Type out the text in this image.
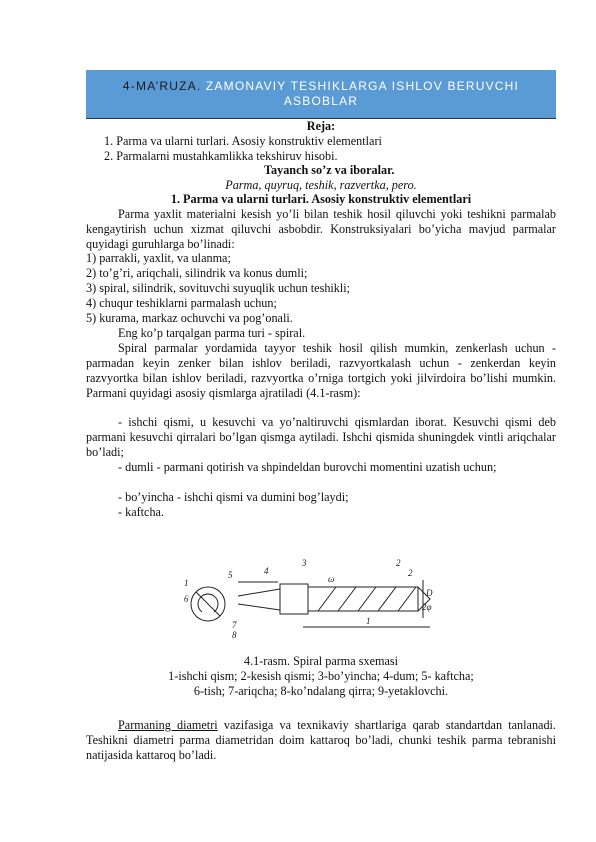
4-MA’RUZA. ZAMONAVIY TESHIKLARGA ISHLOV BERUVCHI ASBOBLAR
Reja:
1. Parma va ularni turlari. Asosiy konstruktiv elementlari
2. Parmalarni mustahkamlikka tekshiruv hisobi.
Tayanch so’z va iboralar.
Parma, quyruq, teshik, razvertka, pero.
1. Parma va ularni turlari. Asosiy konstruktiv elementlari
Parma yaxlit materialni kesish yo’li bilan teshik hosil qiluvchi yoki teshikni parmalab kengaytirish uchun xizmat qiluvchi asbobdir. Konstruksiyalari bo’yicha mavjud parmalar quyidagi guruhlarga bo’linadi:
1) parrakli, yaxlit, va ulanma;
2) to’g’ri, ariqchali, silindrik va konus dumli;
3) spiral, silindrik, sovituvchi suyuqlik uchun teshikli;
4) chuqur teshiklarni parmalash uchun;
5) kurama, markaz ochuvchi va pog’onali.
Eng ko’p tarqalgan parma turi - spiral.
Spiral parmalar yordamida tayyor teshik hosil qilish mumkin, zenkerlash uchun - parmadan keyin zenker bilan ishlov beriladi, razvyortkalash uchun - zenkerdan keyin razvyortka bilan ishlov beriladi, razvyortka o’rniga tortgich yoki jilvirdoira bo’lishi mumkin. Parmani quyidagi asosiy qismlarga ajratiladi (4.1-rasm):
- ishchi qismi, u kesuvchi va yo’naltiruvchi qismlardan iborat. Kesuvchi qismi deb parmani kesuvchi qirralari bo’lgan qismga aytiladi. Ishchi qismida shuningdek vintli ariqchalar bo’ladi;
- dumli - parmani qotirish va shpindeldan burovchi momentini uzatish uchun;
- bo’yincha - ishchi qismi va dumini bog’laydi;
- kaftcha.
1
2
3
4
5
6
7
8
1
2
ω
D
2φ
4.1-rasm. Spiral parma sxemasi
1-ishchi qism; 2-kesish qismi; 3-bo’yincha; 4-dum; 5- kaftcha;
6-tish; 7-ariqcha; 8-ko’ndalang qirra; 9-yetaklovchi.
Parmaning diametri vazifasiga va texnikaviy shartlariga qarab standartdan tanlanadi. Teshikni diametri parma diametridan doim kattaroq bo’ladi, chunki teshik parma tebranishi natijasida kattaroq bo’ladi.
